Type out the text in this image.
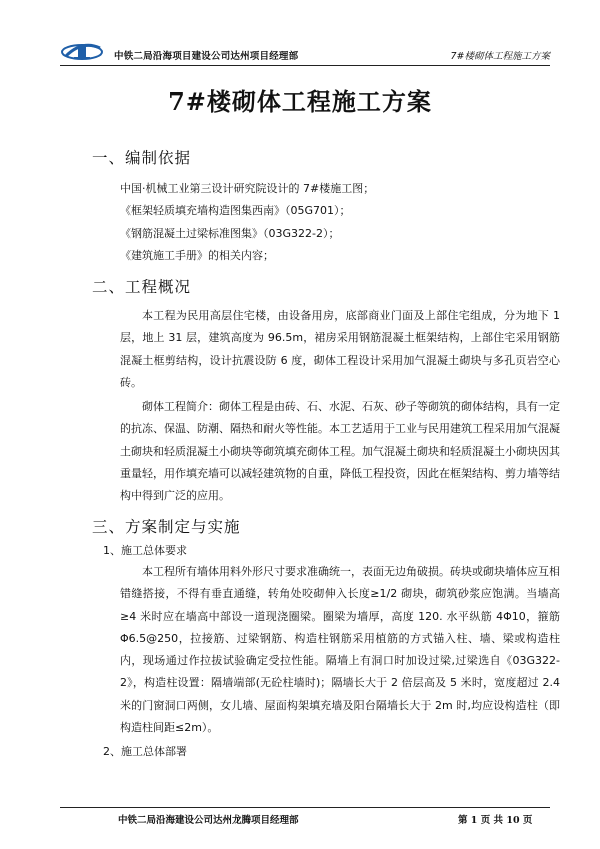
中铁二局沿海项目建设公司达州项目经理部	7#楼砌体工程施工方案
7#楼砌体工程施工方案
一、编制依据
中国·机械工业第三设计研究院设计的 7#楼施工图；
《框架轻质填充墙构造图集西南》（05G701）；
《钢筋混凝土过梁标准图集》（03G322-2）；
《建筑施工手册》的相关内容；
二、工程概况
本工程为民用高层住宅楼，由设备用房，底部商业门面及上部住宅组成，分为地下 1 层，地上 31 层，建筑高度为 96.5m，裙房采用钢筋混凝土框架结构，上部住宅采用钢筋混凝土框剪结构，设计抗震设防 6 度，砌体工程设计采用加气混凝土砌块与多孔页岩空心砖。
砌体工程简介：砌体工程是由砖、石、水泥、石灰、砂子等砌筑的砌体结构，具有一定的抗冻、保温、防潮、隔热和耐火等性能。本工艺适用于工业与民用建筑工程采用加气混凝土砌块和轻质混凝土小砌块等砌筑填充砌体工程。加气混凝土砌块和轻质混凝土小砌块因其重量轻，用作填充墙可以减轻建筑物的自重，降低工程投资，因此在框架结构、剪力墙等结构中得到广泛的应用。
三、方案制定与实施
1、施工总体要求
本工程所有墙体用料外形尺寸要求准确统一，表面无边角破损。砖块或砌块墙体应互相错缝搭接，不得有垂直通缝，转角处咬砌伸入长度≥1/2 砌块，砌筑砂浆应饱满。当墙高≥4 米时应在墙高中部设一道现浇圈梁。圈梁为墙厚，高度 120. 水平纵筋 4Φ10，箍筋Φ6.5@250，拉接筋、过梁钢筋、构造柱钢筋采用植筋的方式锚入柱、墙、梁或构造柱内，现场通过作拉拔试验确定受拉性能。隔墙上有洞口时加设过梁,过梁选自《03G322-2》，构造柱设置：隔墙端部(无砼柱墙时)；隔墙长大于 2 倍层高及 5 米时，宽度超过 2.4 米的门窗洞口两侧，女儿墙、屋面构架填充墙及阳台隔墙长大于 2m 时,均应设构造柱（即构造柱间距≤2m）。
2、施工总体部署
中铁二局沿海建设公司达州龙腾项目经理部	第 1 页 共 10 页
